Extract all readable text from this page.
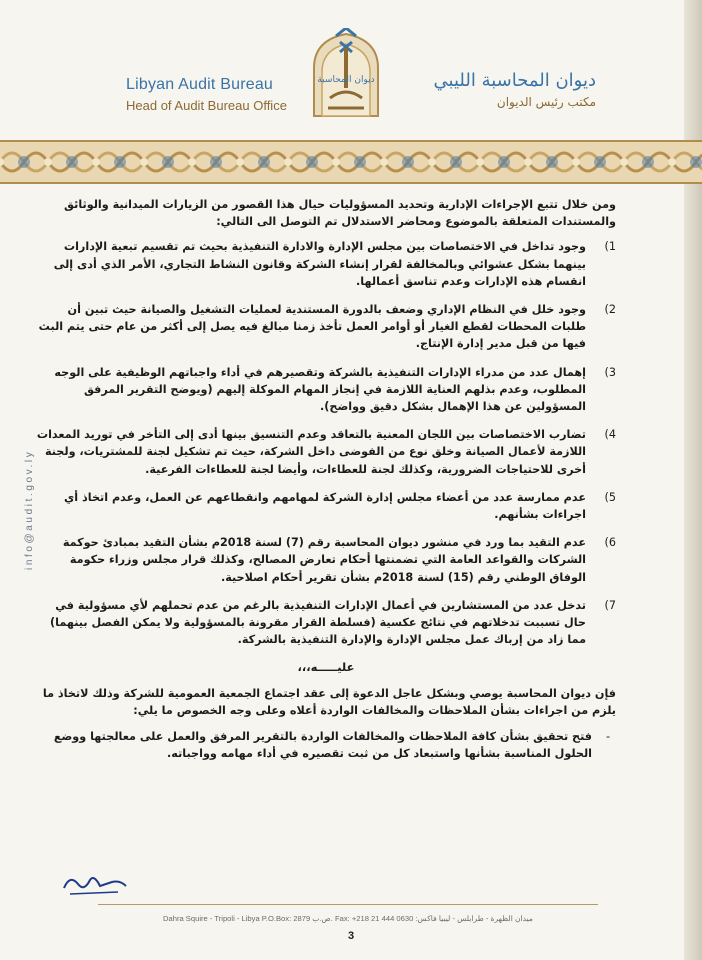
Libyan Audit Bureau
Head of Audit Bureau Office
ديوان المحاسبة	ديوان المحاسبة الليبي
مكتب رئيس الديوان

ومن خلال تتبع الإجراءات الإدارية وتحديد المسؤوليات حيال هذا القصور من الزيارات الميدانية والوثائق والمستندات المتعلقة بالموضوع ومحاضر الاستدلال تم التوصل الى التالي:

1)
وجود تداخل في الاختصاصات بين مجلس الإدارة والادارة التنفيذية بحيث تم تقسيم تبعية الإدارات بينهما بشكل عشوائي وبالمخالفة لقرار إنشاء الشركة وقانون النشاط التجاري، الأمر الذي أدى إلى انقسام هذه الإدارات وعدم تناسق أعمالها.
2)
وجود خلل في النظام الإداري وضعف بالدورة المستندية لعمليات التشغيل والصيانة حيث تبين أن طلبات المحطات لقطع الغيار أو أوامر العمل تأخذ زمنا مبالغ فيه يصل إلى أكثر من عام حتى يتم البث فيها من قبل مدير إدارة الإنتاج.
3)
إهمال عدد من مدراء الإدارات التنفيذية بالشركة وتقصيرهم في أداء واجباتهم الوظيفية على الوجه المطلوب، وعدم بذلهم العناية اللازمة في إنجاز المهام الموكلة إليهم (ويوضح التقرير المرفق المسؤولين عن هذا الإهمال بشكل دقيق وواضح).
4)
تضارب الاختصاصات بين اللجان المعنية بالتعاقد وعدم التنسيق بينها أدى إلى التأخر في توريد المعدات اللازمة لأعمال الصيانة وخلق نوع من الفوضى داخل الشركة، حيث تم تشكيل لجنة للمشتريات، ولجنة أخرى للاحتياجات الضرورية، وكذلك لجنة للعطاءات، وأيضا لجنة للعطاءات الفرعية.
5)
عدم ممارسة عدد من أعضاء مجلس إدارة الشركة لمهامهم وانقطاعهم عن العمل، وعدم اتخاذ أي اجراءات بشأنهم.
6)
عدم التقيد بما ورد في منشور ديوان المحاسبة رقم (7) لسنة 2018م بشأن التقيد بمبادئ حوكمة الشركات والقواعد العامة التي تضمنتها أحكام تعارض المصالح، وكذلك قرار مجلس وزراء حكومة الوفاق الوطني رقم (15) لسنة 2018م بشأن تقرير أحكام اصلاحية.
7)
تدخل عدد من المستشارين في أعمال الإدارات التنفيذية بالرغم من عدم تحملهم لأي مسؤولية في حال تسببت تدخلاتهم في نتائج عكسية (فسلطة القرار مقرونة بالمسؤولية ولا يمكن الفصل بينهما) مما زاد من إرباك عمل مجلس الإدارة والإدارة التنفيذية بالشركة.
عليـــــه،،،

فإن ديوان المحاسبة يوصي وبشكل عاجل الدعوة إلى عقد اجتماع الجمعية العمومية للشركة وذلك لاتخاذ ما يلزم من اجراءات بشأن الملاحظات والمخالفات الواردة أعلاه وعلى وجه الخصوص ما يلي:

-
فتح تحقيق بشأن كافة الملاحظات والمخالفات الواردة بالتقرير المرفق والعمل على معالجتها ووضع الحلول المناسبة بشأنها واستبعاد كل من ثبت تقصيره في أداء مهامه وواجباته.
info@audit.gov.ly
Dahra Squire - Tripoli - Libya P.O.Box: 2879 ص.ب. Fax: +218 21 444 0630 :ميدان الظهرة - طرابلس - ليبيا فاكس
3
